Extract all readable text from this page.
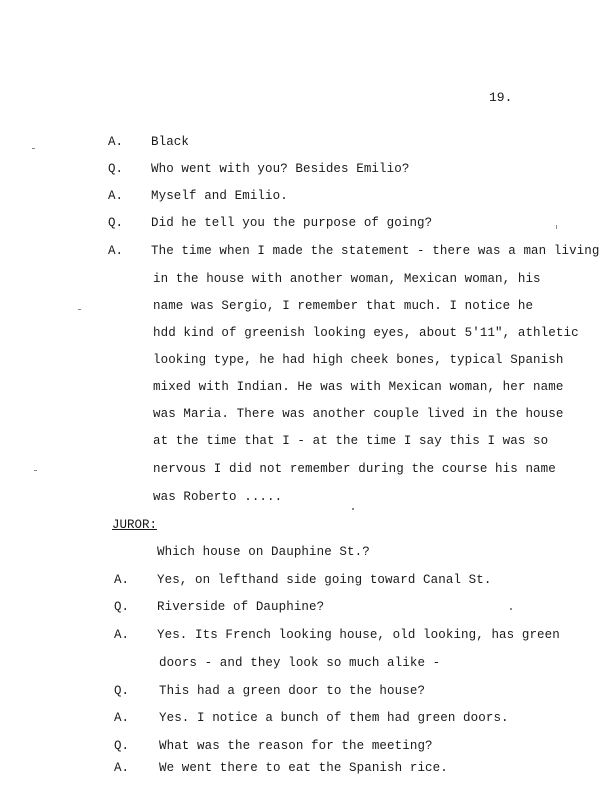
19.
A. Black
Q. Who went with you? Besides Emilio?
A. Myself and Emilio.
Q. Did he tell you the purpose of going?
A. The time when I made the statement - there was a man living
in the house with another woman, Mexican woman, his
name was Sergio, I remember that much. I notice he
hdd kind of greenish looking eyes, about 5'11", athletic
looking type, he had high cheek bones, typical Spanish
mixed with Indian. He was with Mexican woman, her name
was Maria. There was another couple lived in the house
at the time that I - at the time I say this I was so
nervous I did not remember during the course his name
was Roberto .....
JUROR:
Which house on Dauphine St.?
A. Yes, on lefthand side going toward Canal St.
Q. Riverside of Dauphine?
A. Yes. Its French looking house, old looking, has green
doors - and they look so much alike -
Q. This had a green door to the house?
A. Yes. I notice a bunch of them had green doors.
Q. What was the reason for the meeting?
A. We went there to eat the Spanish rice.
